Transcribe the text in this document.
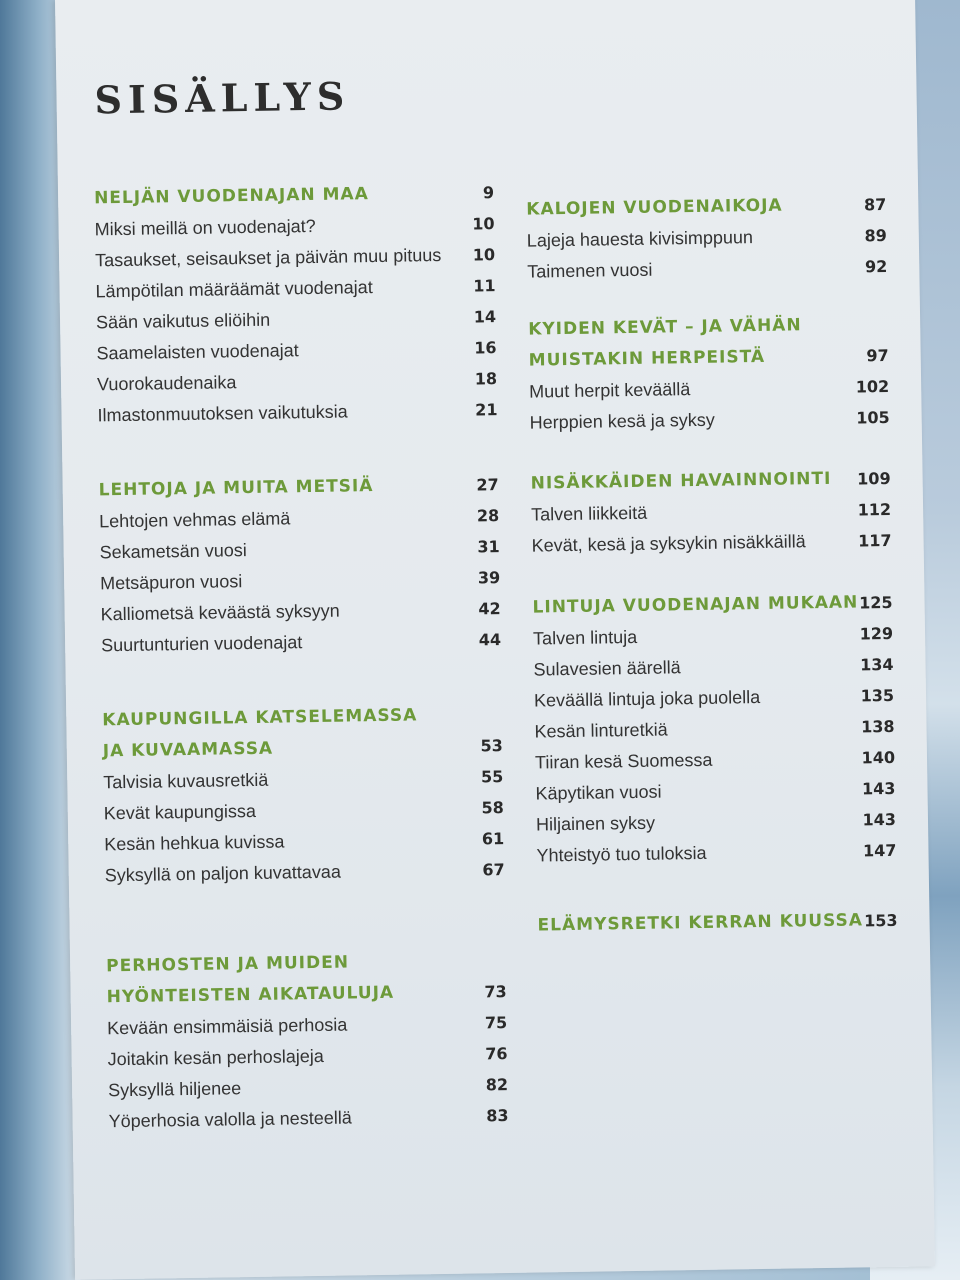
SISÄLLYS
NELJÄN VUODENAJAN MAA	9
Miksi meillä on vuodenajat?	10
Tasaukset, seisaukset ja päivän muu pituus 10
Lämpötilan määräämät vuodenajat	11
Sään vaikutus eliöihin	14
Saamelaisten vuodenajat	16
Vuorokaudenaika	18
Ilmastonmuutoksen vaikutuksia	21
LEHTOJA JA MUITA METSIÄ	27
Lehtojen vehmas elämä	28
Sekametsän vuosi	31
Metsäpuron vuosi	39
Kalliometsä keväästä syksyyn	42
Suurtunturien vuodenajat	44
KAUPUNGILLA KATSELEMASSA
JA KUVAAMASSA	53
Talvisia kuvausretkiä	55
Kevät kaupungissa	58
Kesän hehkua kuvissa	61
Syksyllä on paljon kuvattavaa	67
PERHOSTEN JA MUIDEN
HYÖNTEISTEN AIKATAULUJA	73
Kevään ensimmäisiä perhosia	75
Joitakin kesän perhoslajeja	76
Syksyllä hiljenee	82
Yöperhosia valolla ja nesteellä	83
KALOJEN VUODENAIKOJA	87
Lajeja hauesta kivisimppuun	89
Taimenen vuosi	92
KYIDEN KEVÄT – JA VÄHÄN
MUISTAKIN HERPEISTÄ	97
Muut herpit keväällä	102
Herppien kesä ja syksy	105
NISÄKKÄIDEN HAVAINNOINTI 109
Talven liikkeitä	112
Kevät, kesä ja syksykin nisäkkäillä	117
LINTUJA VUODENAJAN MUKAAN 125
Talven lintuja	129
Sulavesien äärellä	134
Keväällä lintuja joka puolella	135
Kesän linturetkiä	138
Tiiran kesä Suomessa	140
Käpytikan vuosi	143
Hiljainen syksy	143
Yhteistyö tuo tuloksia	147
ELÄMYSRETKI KERRAN KUUSSA 153
